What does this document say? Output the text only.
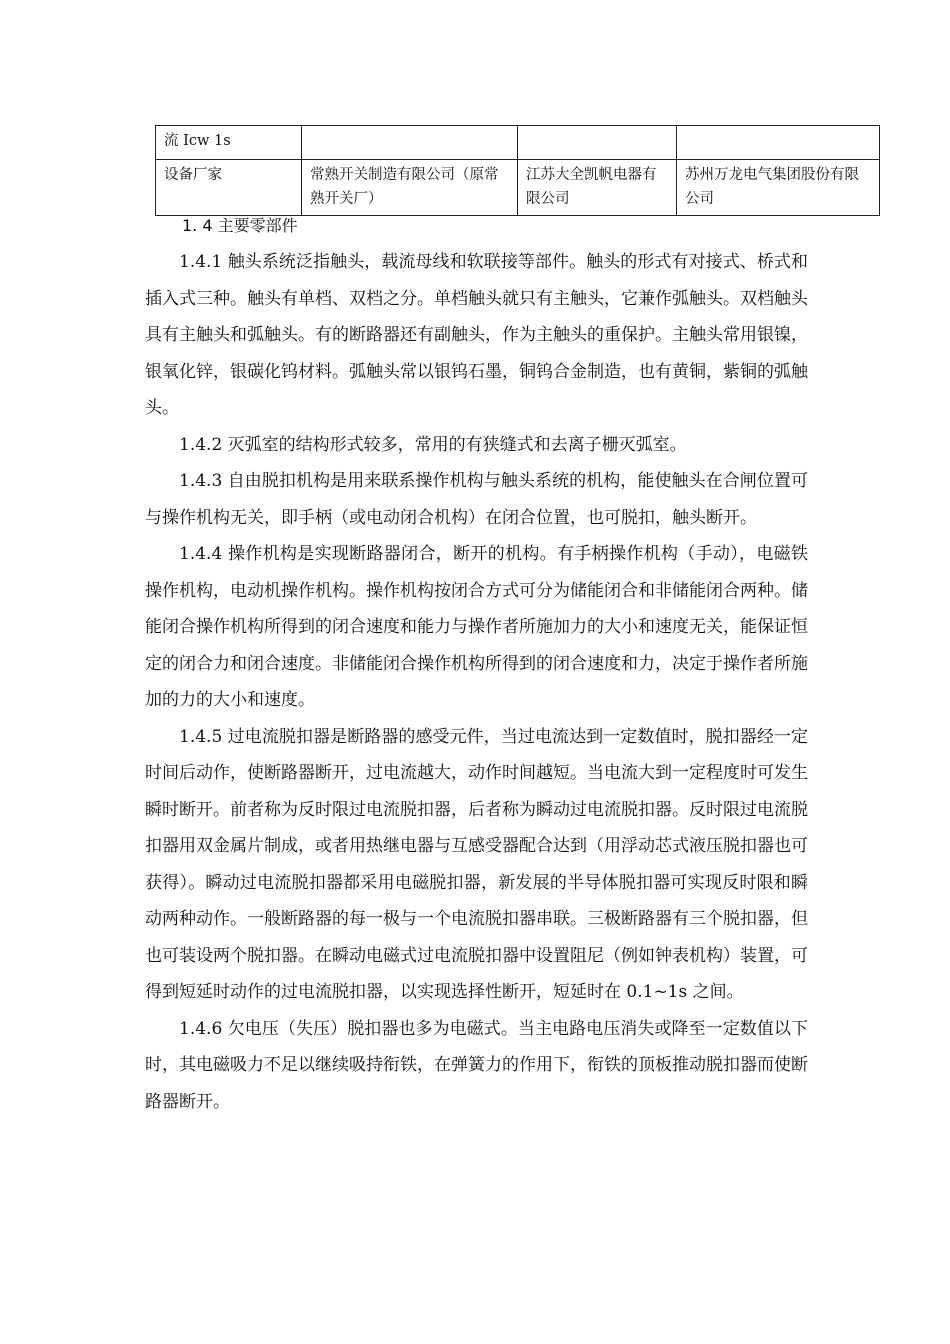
流 Icw 1s			
设备厂家	常熟开关制造有限公司（原常熟开关厂）	江苏大全凯帆电器有限公司	苏州万龙电气集团股份有限公司
1. 4 主要零部件

1.4.1 触头系统泛指触头，载流母线和软联接等部件。触头的形式有对接式、桥式和插入式三种。触头有单档、双档之分。单档触头就只有主触头，它兼作弧触头。双档触头具有主触头和弧触头。有的断路器还有副触头，作为主触头的重保护。主触头常用银镍，银氧化锌，银碳化钨材料。弧触头常以银钨石墨，铜钨合金制造，也有黄铜，紫铜的弧触头。

1.4.2 灭弧室的结构形式较多，常用的有狭缝式和去离子栅灭弧室。

1.4.3 自由脱扣机构是用来联系操作机构与触头系统的机构，能使触头在合闸位置可与操作机构无关，即手柄（或电动闭合机构）在闭合位置，也可脱扣，触头断开。

1.4.4 操作机构是实现断路器闭合，断开的机构。有手柄操作机构（手动），电磁铁操作机构，电动机操作机构。操作机构按闭合方式可分为储能闭合和非储能闭合两种。储能闭合操作机构所得到的闭合速度和能力与操作者所施加力的大小和速度无关，能保证恒定的闭合力和闭合速度。非储能闭合操作机构所得到的闭合速度和力，决定于操作者所施加的力的大小和速度。

1.4.5 过电流脱扣器是断路器的感受元件，当过电流达到一定数值时，脱扣器经一定时间后动作，使断路器断开，过电流越大，动作时间越短。当电流大到一定程度时可发生瞬时断开。前者称为反时限过电流脱扣器，后者称为瞬动过电流脱扣器。反时限过电流脱扣器用双金属片制成，或者用热继电器与互感受器配合达到（用浮动芯式液压脱扣器也可获得）。瞬动过电流脱扣器都采用电磁脱扣器，新发展的半导体脱扣器可实现反时限和瞬动两种动作。一般断路器的每一极与一个电流脱扣器串联。三极断路器有三个脱扣器，但也可装设两个脱扣器。在瞬动电磁式过电流脱扣器中设置阻尼（例如钟表机构）装置，可得到短延时动作的过电流脱扣器，以实现选择性断开，短延时在 0.1~1s 之间。

1.4.6 欠电压（失压）脱扣器也多为电磁式。当主电路电压消失或降至一定数值以下时，其电磁吸力不足以继续吸持衔铁，在弹簧力的作用下，衔铁的顶板推动脱扣器而使断路器断开。
